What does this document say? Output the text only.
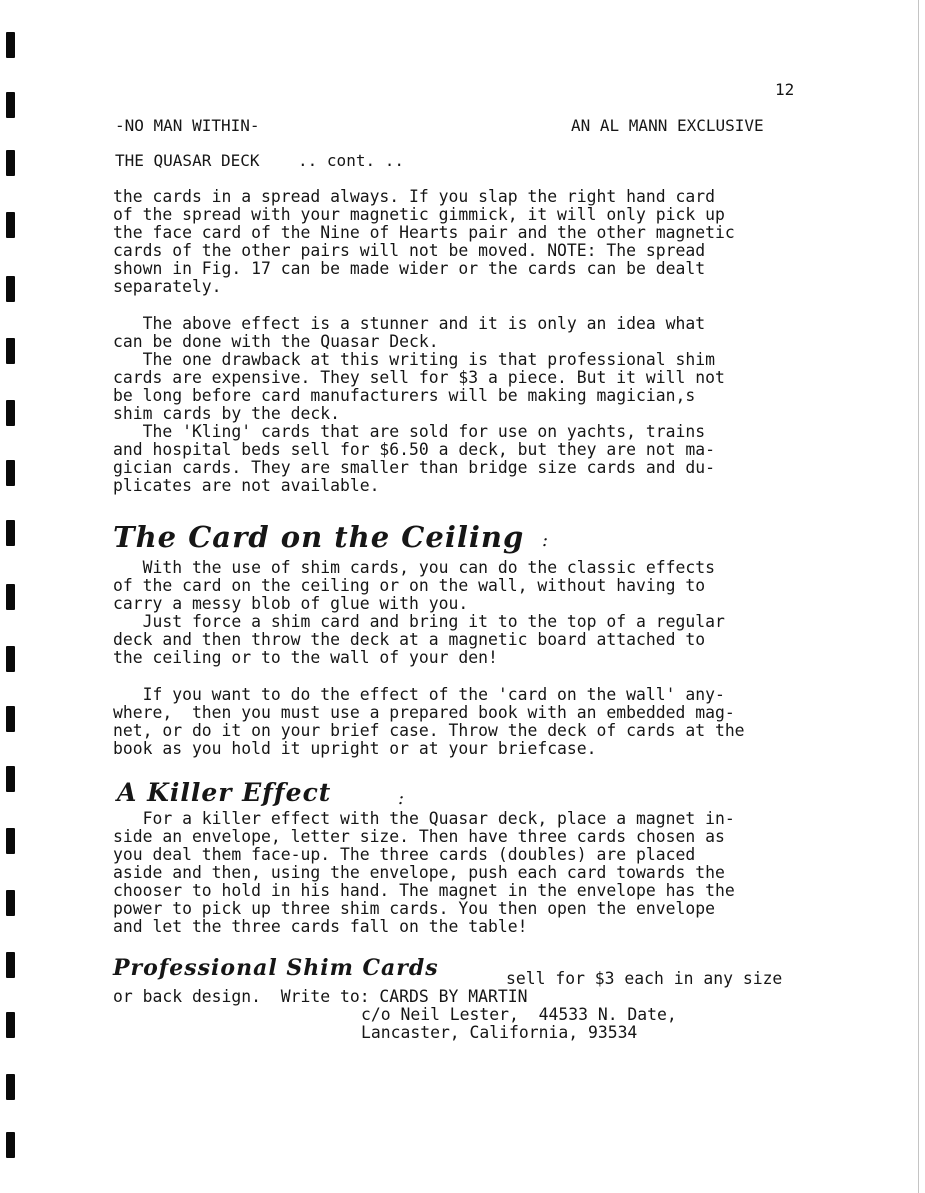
12
-NO MAN WITHIN-	AN AL MANN EXCLUSIVE
THE QUASAR DECK    .. cont. ..

the cards in a spread always. If you slap the right hand card
of the spread with your magnetic gimmick, it will only pick up
the face card of the Nine of Hearts pair and the other magnetic
cards of the other pairs will not be moved. NOTE: The spread
shown in Fig. 17 can be made wider or the cards can be dealt
separately.

The above effect is a stunner and it is only an idea what
can be done with the Quasar Deck.
The one drawback at this writing is that professional shim
cards are expensive. They sell for $3 a piece. But it will not
be long before card manufacturers will be making magician,s
shim cards by the deck.
The 'Kling' cards that are sold for use on yachts, trains
and hospital beds sell for $6.50 a deck, but they are not ma-
gician cards. They are smaller than bridge size cards and du-
plicates are not available.

The Card on the Ceiling :

With the use of shim cards, you can do the classic effects
of the card on the ceiling or on the wall, without having to
carry a messy blob of glue with you.
Just force a shim card and bring it to the top of a regular
deck and then throw the deck at a magnetic board attached to
the ceiling or to the wall of your den!

If you want to do the effect of the 'card on the wall' any-
where,  then you must use a prepared book with an embedded mag-
net, or do it on your brief case. Throw the deck of cards at the
book as you hold it upright or at your briefcase.

A Killer Effect	:

For a killer effect with the Quasar deck, place a magnet in-
side an envelope, letter size. Then have three cards chosen as
you deal them face-up. The three cards (doubles) are placed
aside and then, using the envelope, push each card towards the
chooser to hold in his hand. The magnet in the envelope has the
power to pick up three shim cards. You then open the envelope
and let the three cards fall on the table!

Professional Shim Cards	sell for $3 each in any size
or back design.  Write to: CARDS BY MARTIN
c/o Neil Lester,  44533 N. Date,
Lancaster, California, 93534
